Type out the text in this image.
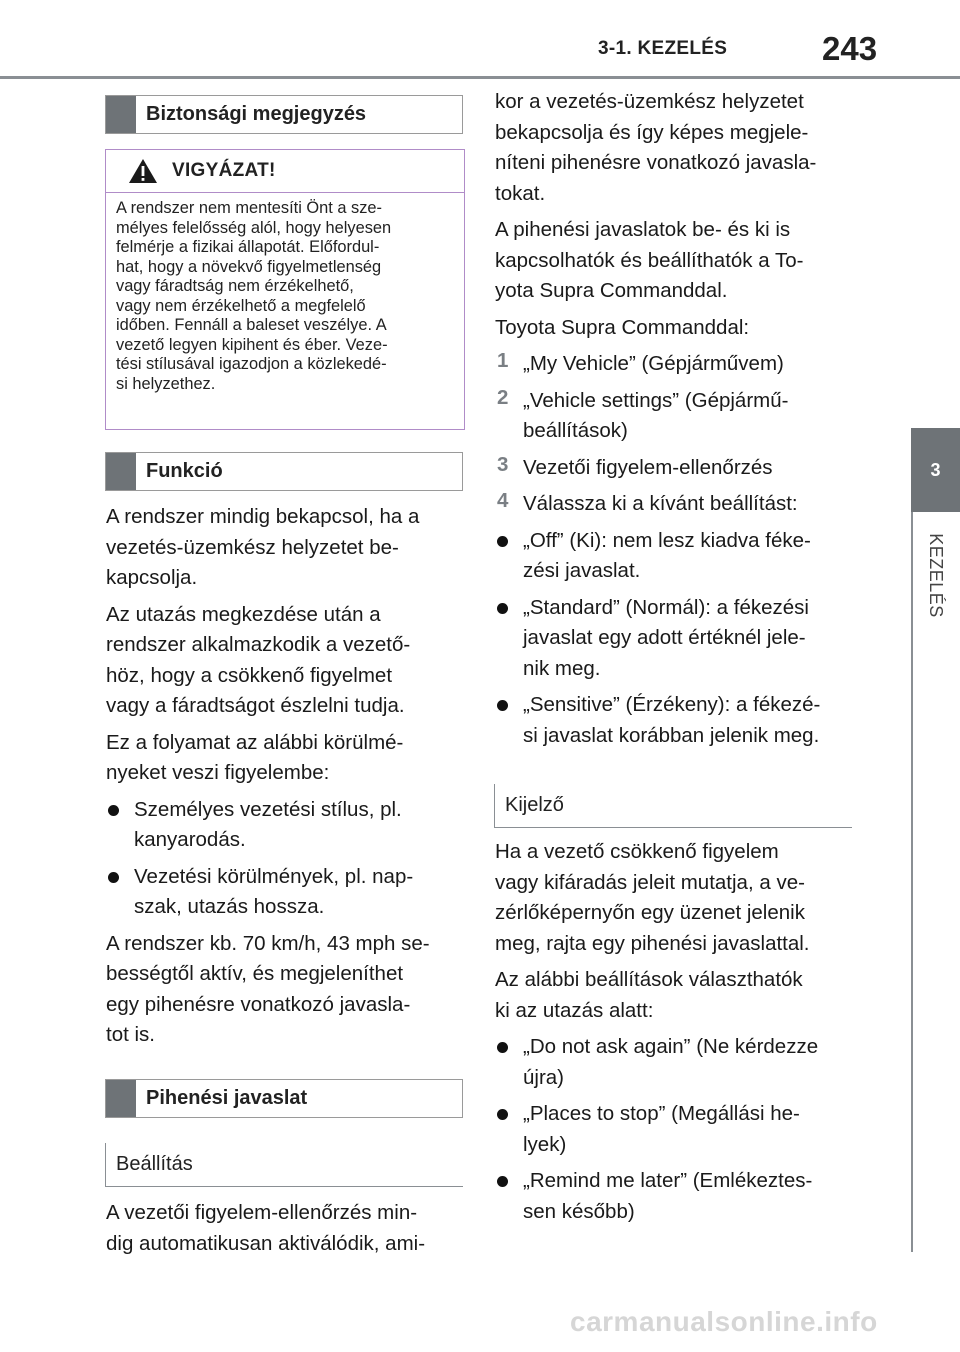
3-1. KEZELÉS	243
3
KEZELÉS
Biztonsági megjegyzés
VIGYÁZAT!

A rendszer nem mentesíti Önt a sze-

mélyes felelősség alól, hogy helyesen

felmérje a fizikai állapotát. Előfordul-

hat, hogy a növekvő figyelmetlenség

vagy fáradtság nem érzékelhető,

vagy nem érzékelhető a megfelelő

időben. Fennáll a baleset veszélye. A

vezető legyen kipihent és éber. Veze-

tési stílusával igazodjon a közlekedé-

si helyzethez.

Funkció

A rendszer mindig bekapcsol, ha a

vezetés-üzemkész helyzetet be-

kapcsolja.

Az utazás megkezdése után a

rendszer alkalmazkodik a vezető-

höz, hogy a csökkenő figyelmet

vagy a fáradtságot észlelni tudja.

Ez a folyamat az alábbi körülmé-

nyeket veszi figyelembe:

Személyes vezetési stílus, pl.

kanyarodás.

Vezetési körülmények, pl. nap-

szak, utazás hossza.

A rendszer kb. 70 km/h, 43 mph se-

bességtől aktív, és megjeleníthet

egy pihenésre vonatkozó javasla-

tot is.

Pihenési javaslat
Beállítás

A vezetői figyelem-ellenőrzés min-

dig automatikusan aktiválódik, ami-

kor a vezetés-üzemkész helyzetet

bekapcsolja és így képes megjele-

níteni pihenésre vonatkozó javasla-

tokat.

A pihenési javaslatok be- és ki is

kapcsolhatók és beállíthatók a To-

yota Supra Commanddal.

Toyota Supra Commanddal:

1 „My Vehicle” (Gépjárművem)

2 „Vehicle settings” (Gépjármű-

beállítások)

3 Vezetői figyelem-ellenőrzés

4 Válassza ki a kívánt beállítást:

„Off” (Ki): nem lesz kiadva féke-

zési javaslat.

„Standard” (Normál): a fékezési

javaslat egy adott értéknél jele-

nik meg.

„Sensitive” (Érzékeny): a fékezé-

si javaslat korábban jelenik meg.

Kijelző

Ha a vezető csökkenő figyelem

vagy kifáradás jeleit mutatja, a ve-

zérlőképernyőn egy üzenet jelenik

meg, rajta egy pihenési javaslattal.

Az alábbi beállítások választhatók

ki az utazás alatt:

„Do not ask again” (Ne kérdezze

újra)

„Places to stop” (Megállási he-

lyek)

„Remind me later” (Emlékeztes-

sen később)

carmanualsonline.info
